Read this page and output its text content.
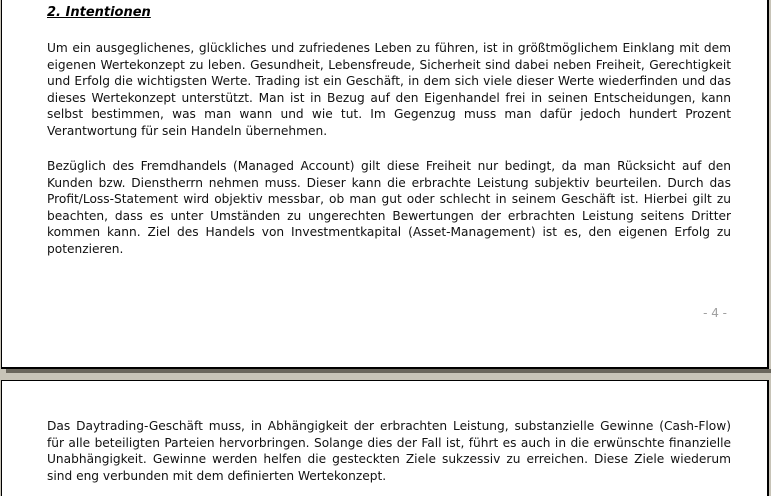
2. Intentionen

Um ein ausgeglichenes, glückliches und zufriedenes Leben zu führen, ist in größtmöglichem Einklang mit dem eigenen Wertekonzept zu leben. Gesundheit, Lebensfreude, Sicherheit sind dabei neben Freiheit, Gerechtigkeit und Erfolg die wichtigsten Werte. Trading ist ein Geschäft, in dem sich viele dieser Werte wiederfinden und das dieses Wertekonzept unterstützt. Man ist in Bezug auf den Eigenhandel frei in seinen Entscheidungen, kann selbst bestimmen, was man wann und wie tut. Im Gegenzug muss man dafür jedoch hundert Prozent Verantwortung für sein Handeln übernehmen.

Bezüglich des Fremdhandels (Managed Account) gilt diese Freiheit nur bedingt, da man Rücksicht auf den Kunden bzw. Dienstherrn nehmen muss. Dieser kann die erbrachte Leistung subjektiv beurteilen. Durch das Profit/Loss-Statement wird objektiv messbar, ob man gut oder schlecht in seinem Geschäft ist. Hierbei gilt zu beachten, dass es unter Umständen zu ungerechten Bewertungen der erbrachten Leistung seitens Dritter kommen kann. Ziel des Handels von Investmentkapital (Asset-Management) ist es, den eigenen Erfolg zu potenzieren.

- 4 -

Das Daytrading-Geschäft muss, in Abhängigkeit der erbrachten Leistung, substanzielle Gewinne (Cash-Flow) für alle beteiligten Parteien hervorbringen. Solange dies der Fall ist, führt es auch in die erwünschte finanzielle Unabhängigkeit. Gewinne werden helfen die gesteckten Ziele sukzessiv zu erreichen. Diese Ziele wiederum sind eng verbunden mit dem definierten Wertekonzept.
